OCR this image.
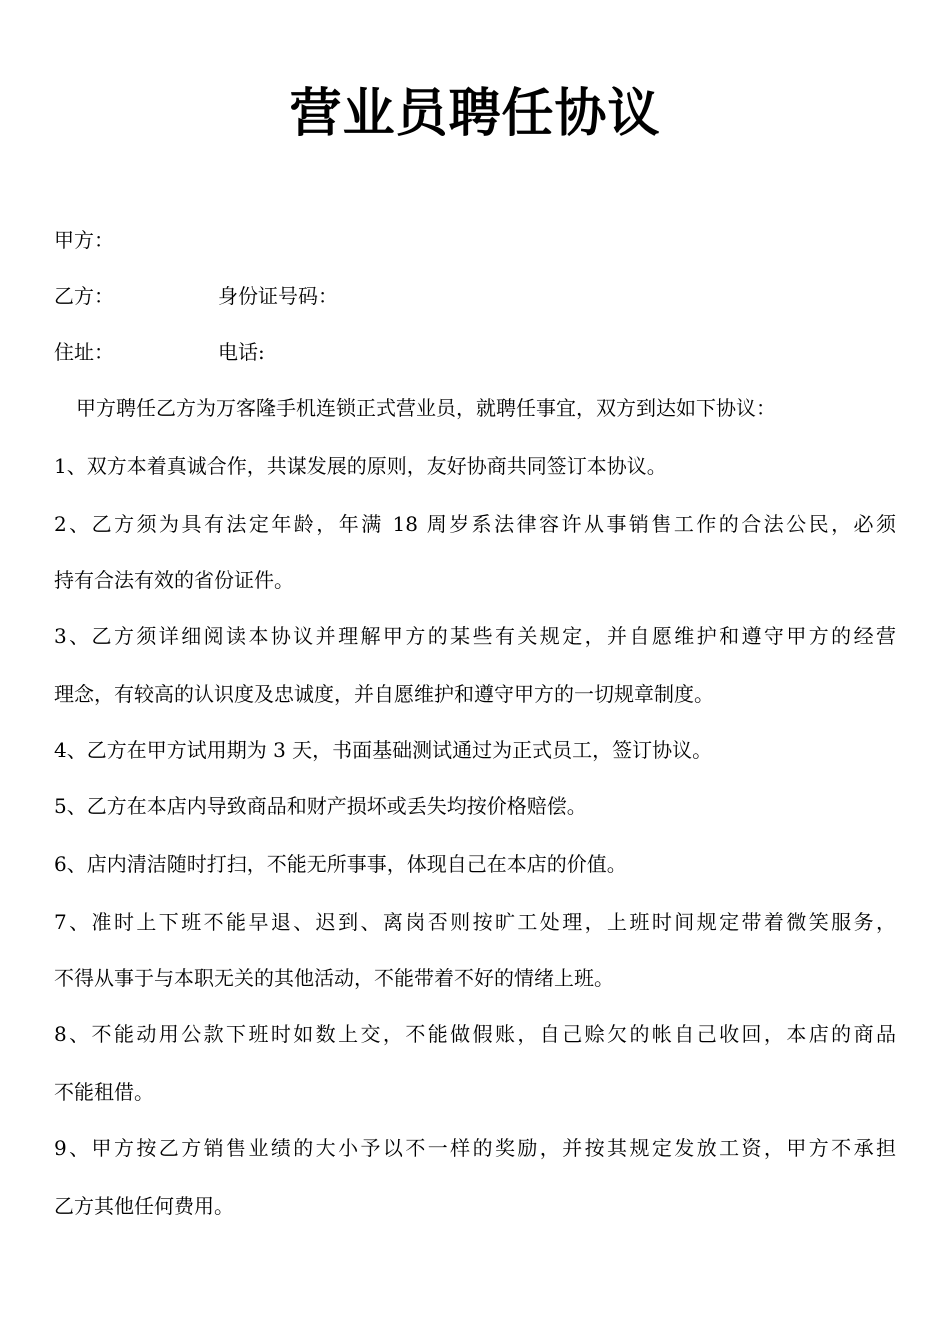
营业员聘任协议

甲方：

乙方：	身份证号码：

住址：	电话:

甲方聘任乙方为万客隆手机连锁正式营业员，就聘任事宜，双方到达如下协议：

1、双方本着真诚合作，共谋发展的原则，友好协商共同签订本协议。

2、乙方须为具有法定年龄，年满 18 周岁系法律容许从事销售工作的合法公民，必须

持有合法有效的省份证件。

3、乙方须详细阅读本协议并理解甲方的某些有关规定，并自愿维护和遵守甲方的经营

理念，有较高的认识度及忠诚度，并自愿维护和遵守甲方的一切规章制度。

4、乙方在甲方试用期为 3 天，书面基础测试通过为正式员工，签订协议。

5、乙方在本店内导致商品和财产损坏或丢失均按价格赔偿。

6、店内清洁随时打扫，不能无所事事，体现自己在本店的价值。

7、准时上下班不能早退、迟到、离岗否则按旷工处理，上班时间规定带着微笑服务，

不得从事于与本职无关的其他活动，不能带着不好的情绪上班。

8、不能动用公款下班时如数上交，不能做假账，自己赊欠的帐自己收回，本店的商品

不能租借。

9、甲方按乙方销售业绩的大小予以不一样的奖励，并按其规定发放工资，甲方不承担

乙方其他任何费用。
